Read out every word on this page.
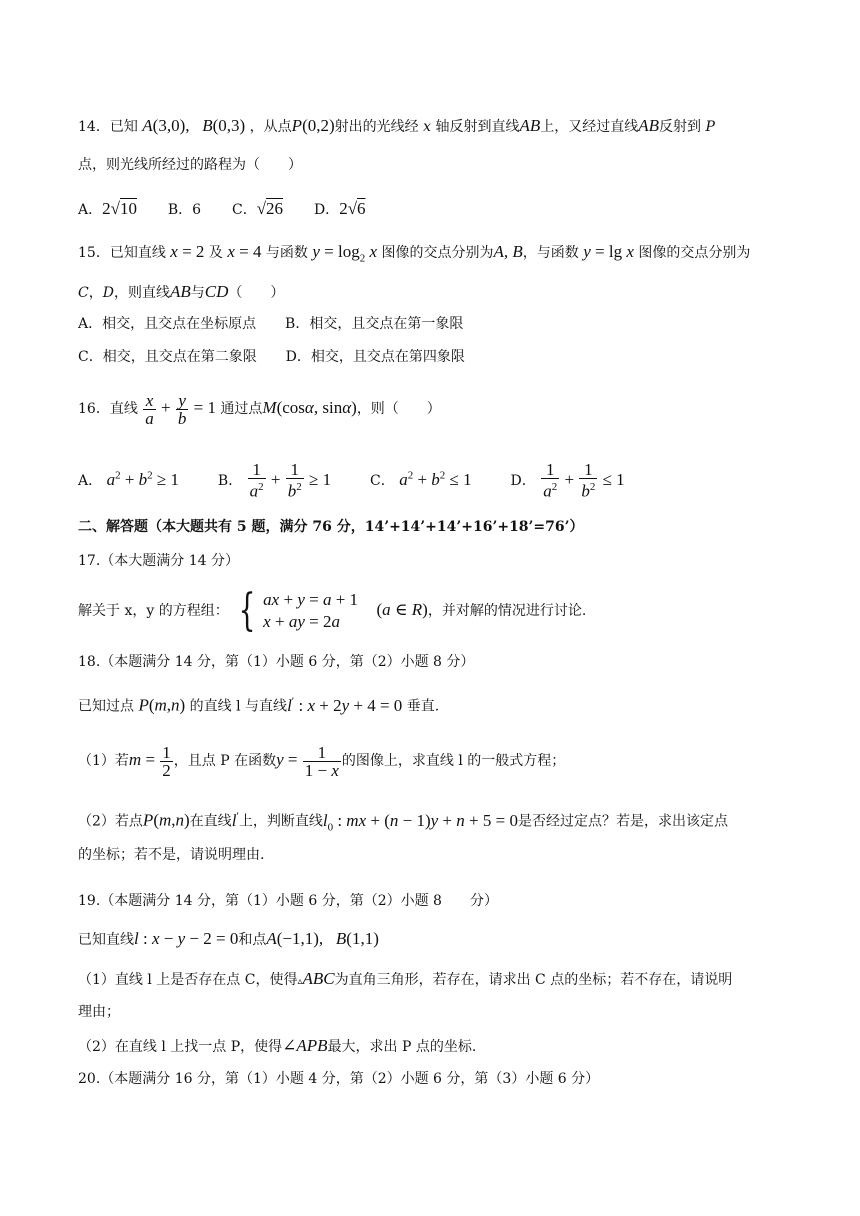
14．已知 A(3,0),   B(0,3) ，从点P(0,2)射出的光线经 x 轴反射到直线AB上，又经过直线AB反射到 P
点，则光线所经过的路程为（　　）
A．2√10 B．6 C．√26 D．2√6
15．已知直线 x = 2 及 x = 4 与函数 $y = \log_2 x$ 图像的交点分别为A, B，与函数 y = lg x 图像的交点分别为
C，D，则直线AB与CD（　　）
A．相交，且交点在坐标原点 B．相交，且交点在第一象限
C．相交，且交点在第二象限 D．相交，且交点在第四象限
16．直线 $\frac{x}{a} + \frac{y}{b} = 1$ 通过点M(cosα, sinα)，则（　　）
A． $a^2 + b^2 \ge 1$	B． $\frac{1}{a^2} + \frac{1}{b^2} \ge 1$	C． $a^2 + b^2 \le 1$	D． $\frac{1}{a^2} + \frac{1}{b^2} \le 1$
二、解答题（本大题共有 5 题，满分 76 分，14’+14’+14’+16’+18’=76’）
17.（本大题满分 14 分）
解关于 x，y 的方程组： { ax + y = a + 1
x + ay = 2a
(a ∈ R)，并对解的情况进行讨论.
18.（本题满分 14 分，第（1）小题 6 分，第（2）小题 8 分）
已知过点 P(m,n) 的直线 l 与直线l′ : x + 2y + 4 = 0 垂直.
（1）若$m = \frac{1}{2}$ ，且点 P 在函数$y = \frac{1}{1 - x}$ 的图像上，求直线 l 的一般式方程；
（2）若点P(m,n)在直线l′上，判断直线$l_0$ : mx + (n − 1)y + n + 5 = 0是否经过定点？若是，求出该定点
的坐标；若不是，请说明理由.
19.（本题满分 14 分，第（1）小题 6 分，第（2）小题 8　　分）
已知直线l : x − y − 2 = 0和点A(−1,1),   B(1,1)
（1）直线 l 上是否存在点 C，使得▵ABC为直角三角形，若存在，请求出 C 点的坐标；若不存在，请说明
理由；
（2）在直线 l 上找一点 P，使得∠APB最大，求出 P 点的坐标.
20.（本题满分 16 分，第（1）小题 4 分，第（2）小题 6 分，第（3）小题 6 分）
